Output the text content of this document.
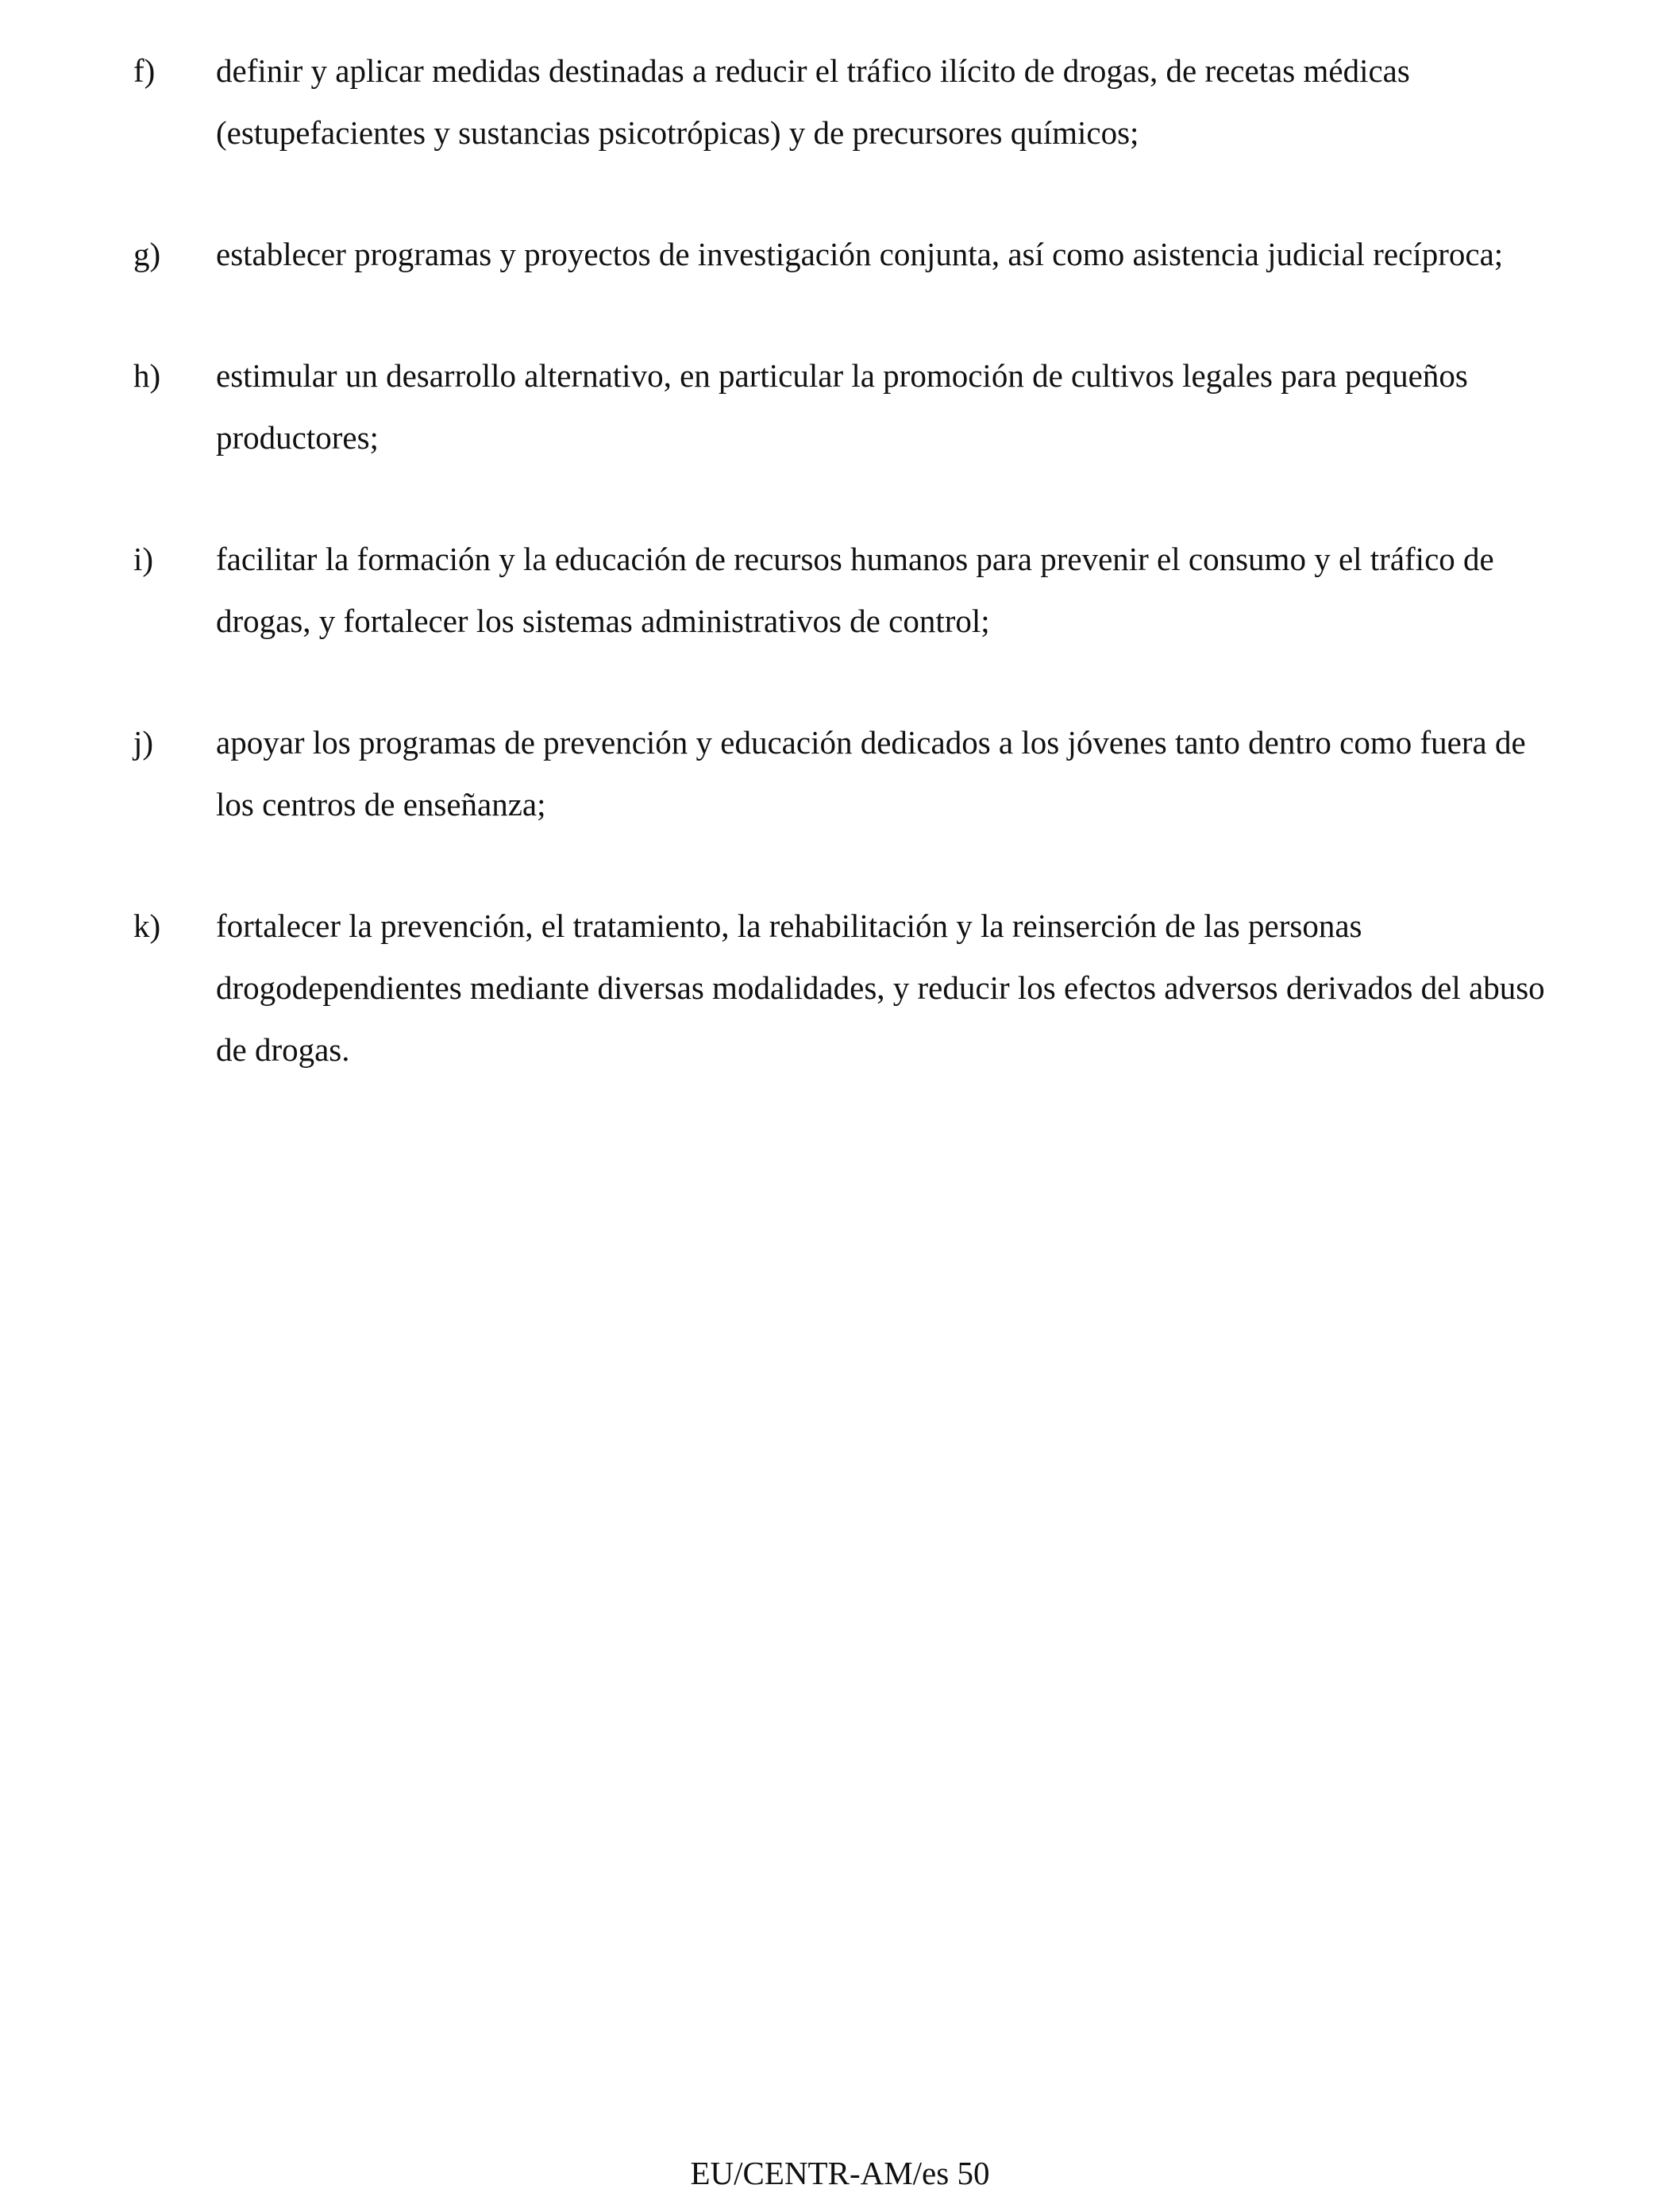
f)	definir y aplicar medidas destinadas a reducir el tráfico ilícito de drogas, de recetas médicas (estupefacientes y sustancias psicotrópicas) y de precursores químicos;
g)	establecer programas y proyectos de investigación conjunta, así como asistencia judicial recíproca;
h)	estimular un desarrollo alternativo, en particular la promoción de cultivos legales para pequeños productores;
i)	facilitar la formación y la educación de recursos humanos para prevenir el consumo y el tráfico de drogas, y fortalecer los sistemas administrativos de control;
j)	apoyar los programas de prevención y educación dedicados a los jóvenes tanto dentro como fuera de los centros de enseñanza;
k)	fortalecer la prevención, el tratamiento, la rehabilitación y la reinserción de las personas drogodependientes mediante diversas modalidades, y reducir los efectos adversos derivados del abuso de drogas.
EU/CENTR-AM/es 50
